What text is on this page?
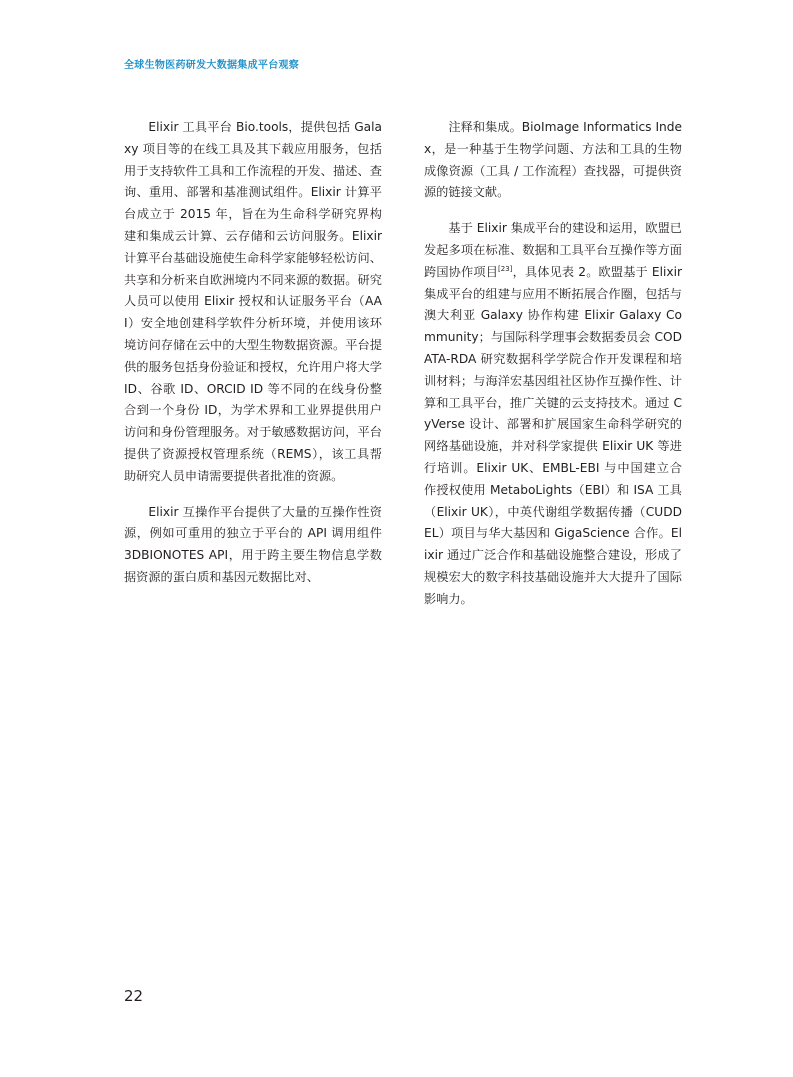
全球生物医药研发大数据集成平台观察

Elixir 工具平台 Bio.tools，提供包括 Galaxy 项目等的在线工具及其下载应用服务，包括用于支持软件工具和工作流程的开发、描述、查询、重用、部署和基准测试组件。Elixir 计算平台成立于 2015 年，旨在为生命科学研究界构建和集成云计算、云存储和云访问服务。Elixir 计算平台基础设施使生命科学家能够轻松访问、共享和分析来自欧洲境内不同来源的数据。研究人员可以使用 Elixir 授权和认证服务平台（AAI）安全地创建科学软件分析环境，并使用该环境访问存储在云中的大型生物数据资源。平台提供的服务包括身份验证和授权，允许用户将大学 ID、谷歌 ID、ORCID ID 等不同的在线身份整合到一个身份 ID，为学术界和工业界提供用户访问和身份管理服务。对于敏感数据访问，平台提供了资源授权管理系统（REMS），该工具帮助研究人员申请需要提供者批准的资源。

Elixir 互操作平台提供了大量的互操作性资源，例如可重用的独立于平台的 API 调用组件 3DBIONOTES API，用于跨主要生物信息学数据资源的蛋白质和基因元数据比对、

注释和集成。BioImage Informatics Index，是一种基于生物学问题、方法和工具的生物成像资源（工具 / 工作流程）查找器，可提供资源的链接文献。

基于 Elixir 集成平台的建设和运用，欧盟已发起多项在标准、数据和工具平台互操作等方面跨国协作项目[23]，具体见表 2。欧盟基于 Elixir 集成平台的组建与应用不断拓展合作圈，包括与澳大利亚 Galaxy 协作构建 Elixir Galaxy Community；与国际科学理事会数据委员会 CODATA-RDA 研究数据科学学院合作开发课程和培训材料；与海洋宏基因组社区协作互操作性、计算和工具平台，推广关键的云支持技术。通过 CyVerse 设计、部署和扩展国家生命科学研究的网络基础设施，并对科学家提供 Elixir UK 等进行培训。Elixir UK、EMBL-EBI 与中国建立合作授权使用 MetaboLights（EBI）和 ISA 工具（Elixir UK），中英代谢组学数据传播（CUDDEL）项目与华大基因和 GigaScience 合作。Elixir 通过广泛合作和基础设施整合建设，形成了规模宏大的数字科技基础设施并大大提升了国际影响力。

22
